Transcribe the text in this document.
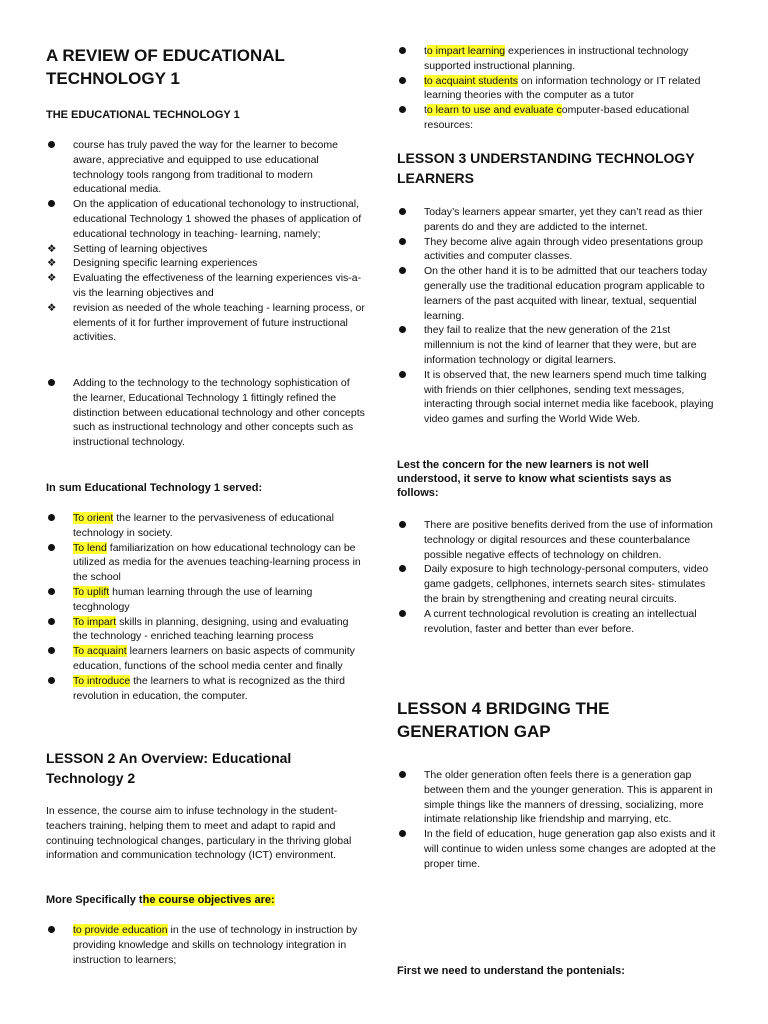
A REVIEW OF EDUCATIONAL TECHNOLOGY 1
THE EDUCATIONAL TECHNOLOGY 1
course has truly paved the way for the learner to become aware, appreciative and equipped to use educational technology tools rangong from traditional to modern educational media.
On the application of educational techonology to instructional, educational Technology 1 showed the phases of application of educational technology in teaching- learning, namely;
❖ Setting of learning objectives
❖ Designing specific learning experiences
❖ Evaluating the effectiveness of the learning experiences vis-a-vis the learning objectives and
❖ revision as needed of the whole teaching - learning process, or elements of it for further improvement of future instructional activities.
Adding to the technology to the technology sophistication of the learner, Educational Technology 1 fittingly refined the distinction between educational technology and other concepts such as instructional technology and other concepts such as instructional technology.
In sum Educational Technology 1 served:
To orient the learner to the pervasiveness of educational technology in society.
To lend familiarization on how educational technology can be utilized as media for the avenues teaching-learning process in the school
To uplift human learning through the use of learning tecghnology
To impart skills in planning, designing, using and evaluating the technology - enriched teaching learning process
To acquaint learners learners on basic aspects of community education, functions of the school media center and finally
To introduce the learners to what is recognized as the third revolution in education, the computer.
LESSON 2 An Overview: Educational Technology 2
In essence, the course aim to infuse technology in the student- teachers training, helping them to meet and adapt to rapid and continuing technological changes, particulary in the thriving global information and communication technology (ICT) environment.
More Specifically the course objectives are:
to provide education in the use of technology in instruction by providing knowledge and skills on technology integration in instruction to learners;
to impart learning experiences in instructional technology supported instructional planning.
to acquaint students on information technology or IT related learning theories with the computer as a tutor
to learn to use and evaluate computer-based educational resources:
LESSON 3 UNDERSTANDING TECHNOLOGY LEARNERS
Today’s learners appear smarter, yet they can’t read as thier parents do and they are addicted to the internet.
They become alive again through video presentations group activities and computer classes.
On the other hand it is to be admitted that our teachers today generally use the traditional education program applicable to learners of the past acquited with linear, textual, sequential learning.
they fail to realize that the new generation of the 21st millennium is not the kind of learner that they were, but are information technology or digital learners.
It is observed that, the new learners spend much time talking with friends on thier cellphones, sending text messages, interacting through social internet media like facebook, playing video games and surfing the World Wide Web.
Lest the concern for the new learners is not well understood, it serve to know what scientists says as follows:
There are positive benefits derived from the use of information technology or digital resources and these counterbalance possible negative effects of technology on children.
Daily exposure to high technology-personal computers, video game gadgets, cellphones, internets search sites- stimulates the brain by strengthening and creating neural circuits.
A current technological revolution is creating an intellectual revolution, faster and better than ever before.
LESSON 4 BRIDGING THE GENERATION GAP
The older generation often feels there is a generation gap between them and the younger generation. This is apparent in simple things like the manners of dressing, socializing, more intimate relationship like friendship and marrying, etc.
In the field of education, huge generation gap also exists and it will continue to widen unless some changes are adopted at the proper time.
First we need to understand the pontenials:
